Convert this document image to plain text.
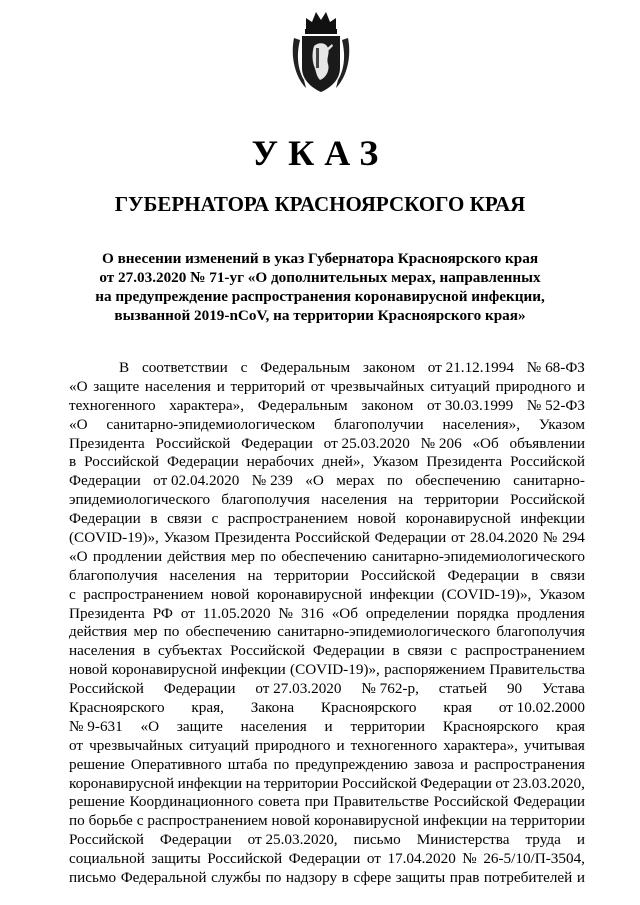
УКАЗ
ГУБЕРНАТОРА КРАСНОЯРСКОГО КРАЯ
О внесении изменений в указ Губернатора Красноярского края
от 27.03.2020 № 71-уг «О дополнительных мерах, направленных
на предупреждение распространения коронавирусной инфекции,
вызванной 2019-nCoV, на территории Красноярского края»
В соответствии с Федеральным законом от 21.12.1994 № 68-ФЗ
«О защите населения и территорий от чрезвычайных ситуаций природного и
техногенного характера», Федеральным законом от 30.03.1999 № 52-ФЗ
«О санитарно-эпидемиологическом благополучии населения», Указом
Президента Российской Федерации от 25.03.2020 № 206 «Об объявлении
в Российской Федерации нерабочих дней», Указом Президента Российской
Федерации от 02.04.2020 № 239 «О мерах по обеспечению санитарно-
эпидемиологического благополучия населения на территории Российской
Федерации в связи с распространением новой коронавирусной инфекции
(COVID-19)», Указом Президента Российской Федерации от 28.04.2020 № 294
«О продлении действия мер по обеспечению санитарно-эпидемиологического
благополучия населения на территории Российской Федерации в связи
с распространением новой коронавирусной инфекции (COVID-19)», Указом
Президента РФ от 11.05.2020 № 316 «Об определении порядка продления
действия мер по обеспечению санитарно-эпидемиологического благополучия
населения в субъектах Российской Федерации в связи с распространением
новой коронавирусной инфекции (COVID-19)», распоряжением Правительства
Российской Федерации от 27.03.2020 № 762-р, статьей 90 Устава
Красноярского края, Закона Красноярского края от 10.02.2000
№ 9-631 «О защите населения и территории Красноярского края
от чрезвычайных ситуаций природного и техногенного характера», учитывая
решение Оперативного штаба по предупреждению завоза и распространения
коронавирусной инфекции на территории Российской Федерации от 23.03.2020,
решение Координационного совета при Правительстве Российской Федерации
по борьбе с распространением новой коронавирусной инфекции на территории
Российской Федерации от 25.03.2020, письмо Министерства труда и
социальной защиты Российской Федерации от 17.04.2020 № 26-5/10/П-3504,
письмо Федеральной службы по надзору в сфере защиты прав потребителей и
